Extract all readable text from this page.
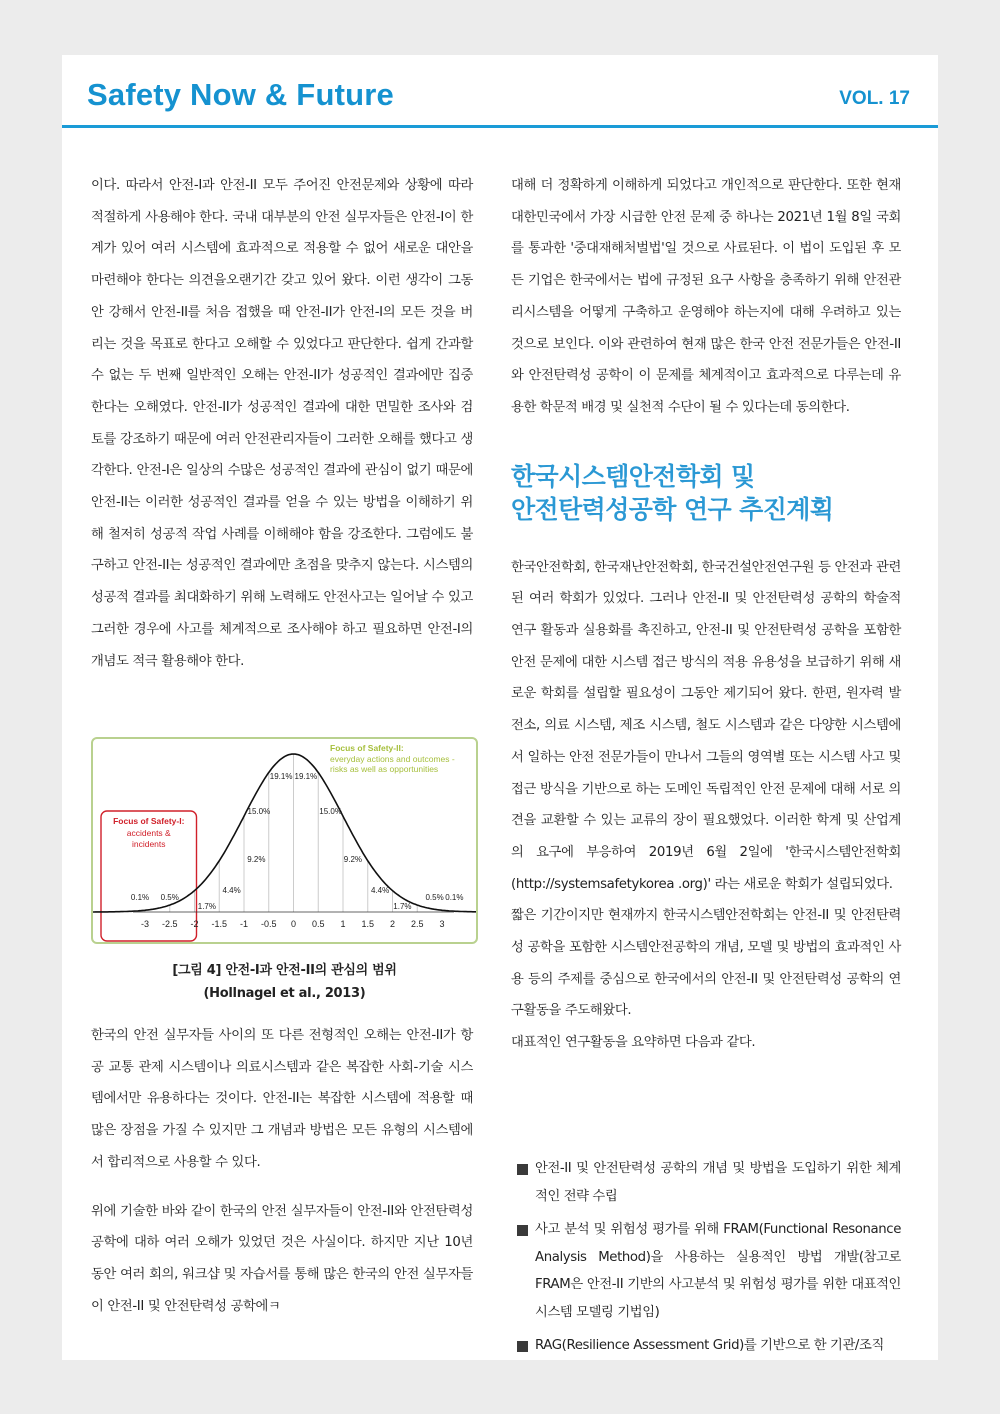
Safety Now & Future	VOL. 17

이다. 따라서 안전-I과 안전-II 모두 주어진 안전문제와 상황에 따라 적절하게 사용해야 한다. 국내 대부분의 안전 실무자들은 안전-I이 한계가 있어 여러 시스템에 효과적으로 적용할 수 없어 새로운 대안을 마련해야 한다는 의견을오랜기간 갖고 있어 왔다. 이런 생각이 그동안 강해서 안전-II를 처음 접했을 때 안전-II가 안전-I의 모든 것을 버리는 것을 목표로 한다고 오해할 수 있었다고 판단한다. 쉽게 간과할 수 없는 두 번째 일반적인 오해는 안전-II가 성공적인 결과에만 집중한다는 오해였다. 안전-II가 성공적인 결과에 대한 면밀한 조사와 검토를 강조하기 때문에 여러 안전관리자들이 그러한 오해를 했다고 생각한다. 안전-I은 일상의 수많은 성공적인 결과에 관심이 없기 때문에 안전-II는 이러한 성공적인 결과를 얻을 수 있는 방법을 이해하기 위해 철저히 성공적 작업 사례를 이해해야 함을 강조한다. 그럼에도 불구하고 안전-II는 성공적인 결과에만 초점을 맞추지 않는다. 시스템의 성공적 결과를 최대화하기 위해 노력해도 안전사고는 일어날 수 있고 그러한 경우에 사고를 체계적으로 조사해야 하고 필요하면 안전-I의 개념도 적극 활용해야 한다.

-3 -2.5 -2 -1.5 -1 -0.5 0 0.5 1 1.5 2 2.5 3
0.1% 0.5%
1.7%
4.4%
9.2%
15.0%
19.1% 19.1%
15.0%
9.2%
4.4%
1.7%
0.5% 0.1%
Focus of Safety-I:
accidents &
incidents
Focus of Safety-II:
everyday actions and outcomes -
risks as well as opportunities
[그림 4] 안전-I과 안전-II의 관심의 범위
(Hollnagel et al., 2013)

한국의 안전 실무자들 사이의 또 다른 전형적인 오해는 안전-II가 항공 교통 관제 시스템이나 의료시스템과 같은 복잡한 사회-기술 시스템에서만 유용하다는 것이다. 안전-II는 복잡한 시스템에 적용할 때 많은 장점을 가질 수 있지만 그 개념과 방법은 모든 유형의 시스템에서 합리적으로 사용할 수 있다.

위에 기술한 바와 같이 한국의 안전 실무자들이 안전-II와 안전탄력성 공학에 대하 여러 오해가 있었던 것은 사실이다. 하지만 지난 10년 동안 여러 회의, 워크샵 및 자습서를 통해 많은 한국의 안전 실무자들이 안전-II 및 안전탄력성 공학에ㅋ

대해 더 정확하게 이해하게 되었다고 개인적으로 판단한다. 또한 현재 대한민국에서 가장 시급한 안전 문제 중 하나는 2021년 1월 8일 국회를 통과한 '중대재해처벌법'일 것으로 사료된다. 이 법이 도입된 후 모든 기업은 한국에서는 법에 규정된 요구 사항을 충족하기 위해 안전관리시스템을 어떻게 구축하고 운영해야 하는지에 대해 우려하고 있는 것으로 보인다. 이와 관련하여 현재 많은 한국 안전 전문가들은 안전-II와 안전탄력성 공학이 이 문제를 체계적이고 효과적으로 다루는데 유용한 학문적 배경 및 실천적 수단이 될 수 있다는데 동의한다.

한국시스템안전학회 및
안전탄력성공학 연구 추진계획

한국안전학회, 한국재난안전학회, 한국건설안전연구원 등 안전과 관련된 여러 학회가 있었다. 그러나 안전-II 및 안전탄력성 공학의 학술적 연구 활동과 실용화를 촉진하고, 안전-II 및 안전탄력성 공학을 포함한 안전 문제에 대한 시스템 접근 방식의 적용 유용성을 보급하기 위해 새로운 학회를 설립할 필요성이 그동안 제기되어 왔다. 한편, 원자력 발전소, 의료 시스템, 제조 시스템, 철도 시스템과 같은 다양한 시스템에서 일하는 안전 전문가들이 만나서 그들의 영역별 또는 시스템 사고 및 접근 방식을 기반으로 하는 도메인 독립적인 안전 문제에 대해 서로 의견을 교환할 수 있는 교류의 장이 필요했었다. 이러한 학계 및 산업계의 요구에 부응하여 2019년 6월 2일에 '한국시스템안전학회(http://systemsafetykorea .org)' 라는 새로운 학회가 설립되었다.

짧은 기간이지만 현재까지 한국시스템안전학회는 안전-II 및 안전탄력성 공학을 포함한 시스템안전공학의 개념, 모델 및 방법의 효과적인 사용 등의 주제를 중심으로 한국에서의 안전-II 및 안전탄력성 공학의 연구활동을 주도해왔다.

대표적인 연구활동을 요약하면 다음과 같다.

안전-II 및 안전탄력성 공학의 개념 및 방법을 도입하기 위한 체계적인 전략 수립
사고 분석 및 위험성 평가를 위해 FRAM(Functional Resonance Analysis Method)을 사용하는 실용적인 방법 개발(참고로 FRAM은 안전-II 기반의 사고분석 및 위험성 평가를 위한 대표적인 시스템 모델링 기법임)
RAG(Resilience Assessment Grid)를 기반으로 한 기관/조직
